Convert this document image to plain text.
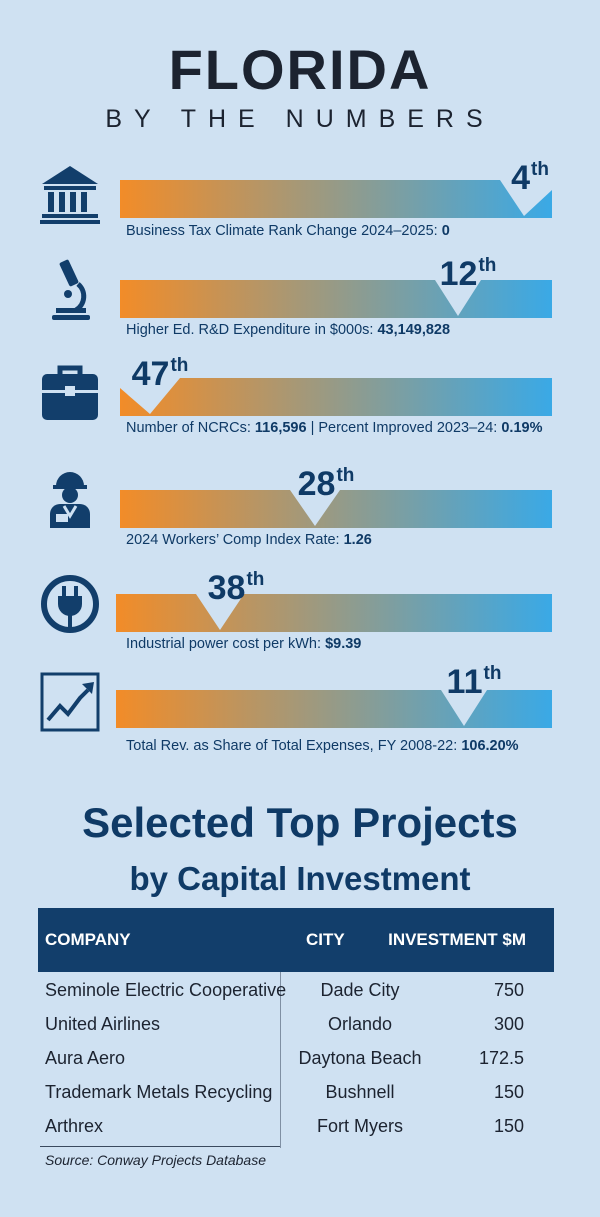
FLORIDA
BY THE NUMBERS
4th
Business Tax Climate Rank Change 2024–2025: 0
12th
Higher Ed. R&D Expenditure in $000s: 43,149,828
47th
Number of NCRCs: 116,596 | Percent Improved 2023–24: 0.19%
28th
2024 Workers’ Comp Index Rate: 1.26
38th
Industrial power cost per kWh: $9.39
11th
Total Rev. as Share of Total Expenses, FY 2008-22: 106.20%
Selected Top Projects
by Capital Investment
COMPANY	CITY	INVESTMENT $M
Seminole Electric Cooperative	Dade City	750
United Airlines	Orlando	300
Aura Aero	Daytona Beach	172.5
Trademark Metals Recycling	Bushnell	150
Arthrex	Fort Myers	150
Source: Conway Projects Database
